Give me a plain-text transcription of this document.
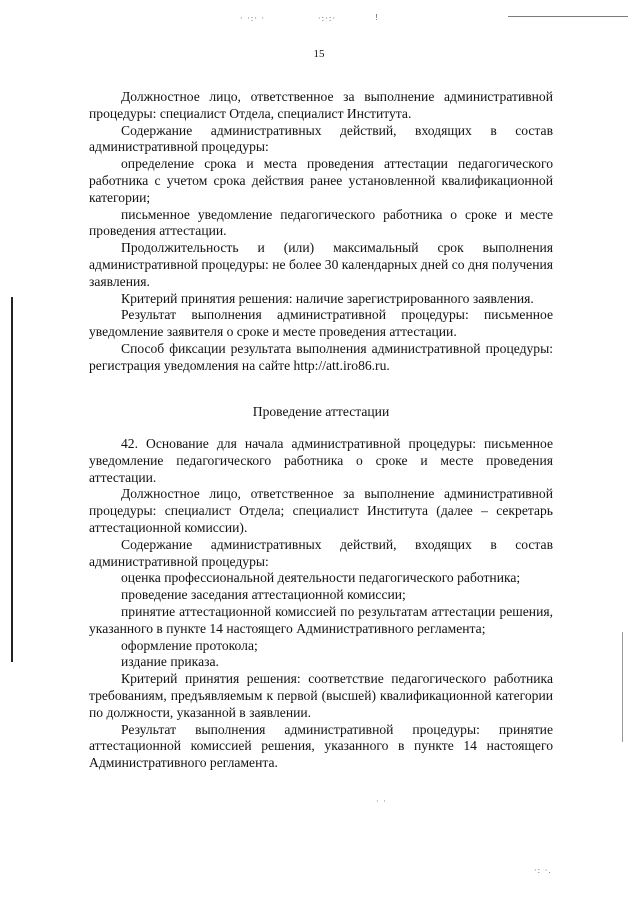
· ·:· ·	·:·:·	!
·: ·.
· ·
15

Должностное лицо, ответственное за выполнение административной процедуры: специалист Отдела, специалист Института.

Содержание административных действий, входящих в состав административной процедуры:

определение срока и места проведения аттестации педагогического работника с учетом срока действия ранее установленной квалификационной категории;

письменное уведомление педагогического работника о сроке и месте проведения аттестации.

Продолжительность и (или) максимальный срок выполнения административной процедуры: не более 30 календарных дней со дня получения заявления.

Критерий принятия решения: наличие зарегистрированного заявления.

Результат выполнения административной процедуры: письменное уведомление заявителя о сроке и месте проведения аттестации.

Способ фиксации результата выполнения административной процедуры: регистрация уведомления на сайте http://att.iro86.ru.

Проведение аттестации

42. Основание для начала административной процедуры: письменное уведомление педагогического работника о сроке и месте проведения аттестации.

Должностное лицо, ответственное за выполнение административной процедуры: специалист Отдела; специалист Института (далее – секретарь аттестационной комиссии).

Содержание административных действий, входящих в состав административной процедуры:

оценка профессиональной деятельности педагогического работника;

проведение заседания аттестационной комиссии;

принятие аттестационной комиссией по результатам аттестации решения, указанного в пункте 14 настоящего Административного регламента;

оформление протокола;

издание приказа.

Критерий принятия решения: соответствие педагогического работника требованиям, предъявляемым к первой (высшей) квалификационной категории по должности, указанной в заявлении.

Результат выполнения административной процедуры: принятие аттестационной комиссией решения, указанного в пункте 14 настоящего Административного регламента.
